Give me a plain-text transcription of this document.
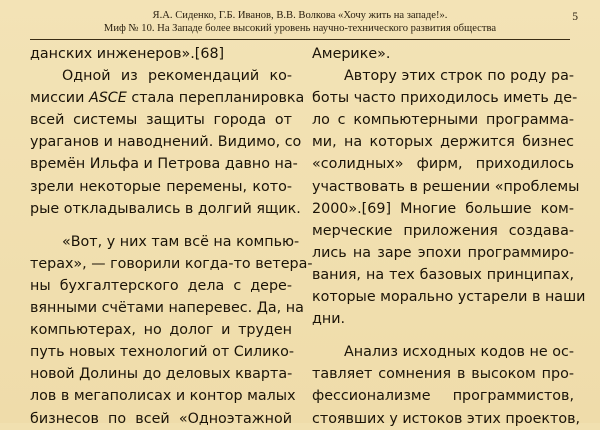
Я.А. Сиденко, Г.Б. Иванов, В.В. Волкова «Хочу жить на западе!».
Миф № 10. На Западе более высокий уровень научно-технического развития общества
5
данских инженеров».[68]
Одной из рекомендаций ко-
миссии ASCE стала перепланировка
всей системы защиты города от
ураганов и наводнений. Видимо, со
времён Ильфа и Петрова давно на-
зрели некоторые перемены, кото-
рые откладывались в долгий ящик.
«Вот, у них там всё на компью-
терах», — говорили когда-то ветера-
ны бухгалтерского дела с дере-
вянными счётами наперевес. Да, на
компьютерах, но долог и труден
путь новых технологий от Силико-
новой Долины до деловых кварта-
лов в мегаполисах и контор малых
бизнесов по всей «Одноэтажной
Америке».
Автору этих строк по роду ра-
боты часто приходилось иметь де-
ло с компьютерными программа-
ми, на которых держится бизнес
«солидных» фирм, приходилось
участвовать в решении «проблемы
2000».[69] Многие большие ком-
мерческие приложения создава-
лись на заре эпохи программиро-
вания, на тех базовых принципах,
которые морально устарели в наши
дни.
Анализ исходных кодов не ос-
тавляет сомнения в высоком про-
фессионализме программистов,
стоявших у истоков этих проектов,
